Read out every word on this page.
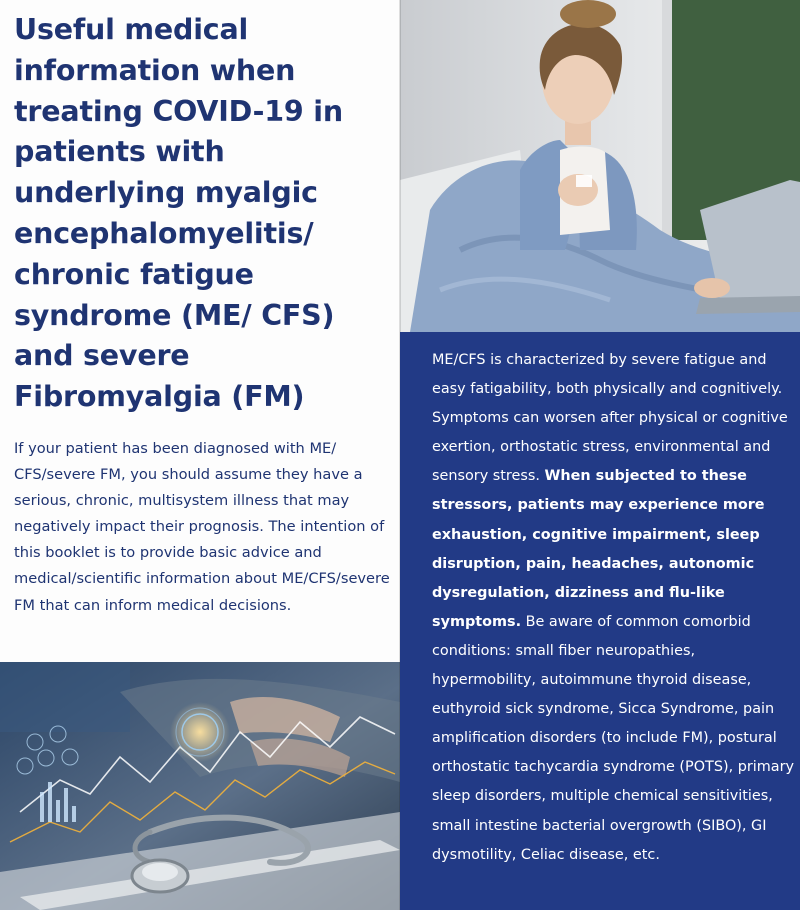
Useful medical information when treating COVID-19 in patients with underlying myalgic encephalomyelitis/ chronic fatigue syndrome (ME/ CFS) and severe Fibromyalgia (FM)

If your patient has been diagnosed with ME/ CFS/severe FM, you should assume they have a serious, chronic, multisystem illness that may negatively impact their prognosis. The intention of this booklet is to provide basic advice and medical/scientific information about ME/CFS/severe FM that can inform medical decisions.

ME/CFS is characterized by severe fatigue and easy fatigability, both physically and cognitively. Symptoms can worsen after physical or cognitive exertion, orthostatic stress, environmental and sensory stress. When subjected to these stressors, patients may experience more exhaustion, cognitive impairment, sleep disruption, pain, headaches, autonomic dysregulation, dizziness and flu-like symptoms. Be aware of common comorbid conditions: small fiber neuropathies, hypermobility, autoimmune thyroid disease, euthyroid sick syndrome, Sicca Syndrome, pain amplification disorders (to include FM), postural orthostatic tachycardia syndrome (POTS), primary sleep disorders, multiple chemical sensitivities, small intestine bacterial overgrowth (SIBO), GI dysmotility, Celiac disease, etc.
